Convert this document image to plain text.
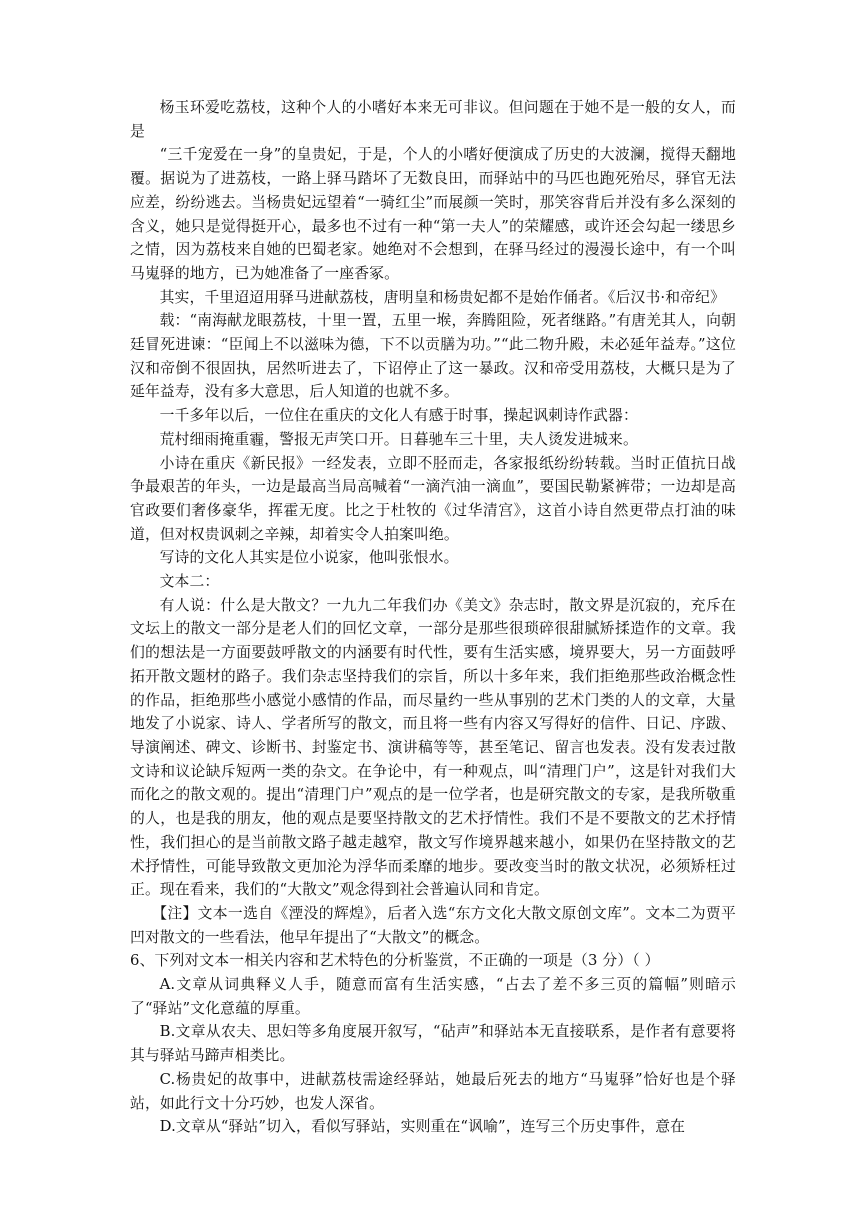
杨玉环爱吃荔枝，这种个人的小嗜好本来无可非议。但问题在于她不是一般的女人，而是

“三千宠爱在一身”的皇贵妃，于是，个人的小嗜好便演成了历史的大波澜，搅得天翻地覆。据说为了进荔枝，一路上驿马踏坏了无数良田，而驿站中的马匹也跑死殆尽，驿官无法应差，纷纷逃去。当杨贵妃远望着“一骑红尘”而展颜一笑时，那笑容背后并没有多么深刻的含义，她只是觉得挺开心，最多也不过有一种“第一夫人”的荣耀感，或许还会勾起一缕思乡之情，因为荔枝来自她的巴蜀老家。她绝对不会想到，在驿马经过的漫漫长途中，有一个叫马嵬驿的地方，已为她准备了一座香冢。

其实，千里迢迢用驿马进献荔枝，唐明皇和杨贵妃都不是始作俑者。《后汉书·和帝纪》

载：“南海献龙眼荔枝，十里一置，五里一堠，奔腾阻险，死者继路。”有唐羌其人，向朝廷冒死进谏：“臣闻上不以滋味为德，下不以贡膳为功。”“此二物升殿，未必延年益寿。”这位汉和帝倒不很固执，居然听进去了，下诏停止了这一暴政。汉和帝受用荔枝，大概只是为了延年益寿，没有多大意思，后人知道的也就不多。

一千多年以后，一位住在重庆的文化人有感于时事，操起讽刺诗作武器：

荒村细雨掩重霾，警报无声笑口开。日暮驰车三十里，夫人烫发进城来。

小诗在重庆《新民报》一经发表，立即不胫而走，各家报纸纷纷转载。当时正值抗日战争最艰苦的年头，一边是最高当局高喊着“一滴汽油一滴血”，要国民勒紧裤带；一边却是高官政要们奢侈豪华，挥霍无度。比之于杜牧的《过华清宫》，这首小诗自然更带点打油的味道，但对权贵讽刺之辛辣，却着实令人拍案叫绝。

写诗的文化人其实是位小说家，他叫张恨水。

文本二：

有人说：什么是大散文？一九九二年我们办《美文》杂志时，散文界是沉寂的，充斥在文坛上的散文一部分是老人们的回忆文章，一部分是那些很琐碎很甜腻矫揉造作的文章。我们的想法是一方面要鼓呼散文的内涵要有时代性，要有生活实感，境界要大，另一方面鼓呼拓开散文题材的路子。我们杂志坚持我们的宗旨，所以十多年来，我们拒绝那些政治概念性的作品，拒绝那些小感觉小感情的作品，而尽量约一些从事别的艺术门类的人的文章，大量地发了小说家、诗人、学者所写的散文，而且将一些有内容又写得好的信件、日记、序跋、导演阐述、碑文、诊断书、封鉴定书、演讲稿等等，甚至笔记、留言也发表。没有发表过散文诗和议论缺斥短两一类的杂文。在争论中，有一种观点，叫“清理门户”，这是针对我们大而化之的散文观的。提出“清理门户”观点的是一位学者，也是研究散文的专家，是我所敬重的人，也是我的朋友，他的观点是要坚持散文的艺术抒情性。我们不是不要散文的艺术抒情性，我们担心的是当前散文路子越走越窄，散文写作境界越来越小，如果仍在坚持散文的艺术抒情性，可能导致散文更加沦为浮华而柔靡的地步。要改变当时的散文状况，必须矫枉过正。现在看来，我们的“大散文”观念得到社会普遍认同和肯定。

【注】文本一选自《湮没的辉煌》，后者入选“东方文化大散文原创文库”。文本二为贾平凹对散文的一些看法，他早年提出了“大散文”的概念。

6、下列对文本一相关内容和艺术特色的分析鉴赏，不正确的一项是（3 分）（ ）

A.文章从词典释义人手，随意而富有生活实感，“占去了差不多三页的篇幅”则暗示了“驿站”文化意蕴的厚重。

B.文章从农夫、思妇等多角度展开叙写，“砧声”和驿站本无直接联系，是作者有意要将其与驿站马蹄声相类比。

C.杨贵妃的故事中，进献荔枝需途经驿站，她最后死去的地方“马嵬驿”恰好也是个驿站，如此行文十分巧妙，也发人深省。

D.文章从“驿站”切入，看似写驿站，实则重在“讽喻”，连写三个历史事件，意在
